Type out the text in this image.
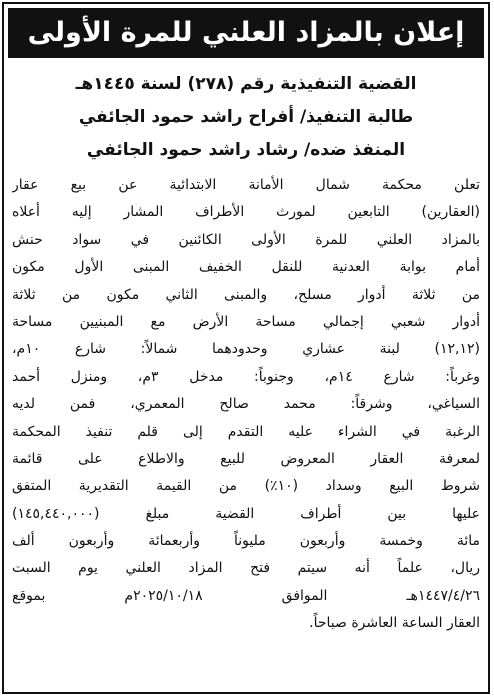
إعلان بالمزاد العلني للمرة الأولى
القضية التنفيذية رقم (٢٧٨) لسنة ١٤٤٥هـ
طالبة التنفيذ/ أفراح راشد حمود الجائفي
المنفذ ضده/ رشاد راشد حمود الجائفي
تعلن محكمة شمال الأمانة الابتدائية عن بيع عقار
(العقارين) التابعين لمورث الأطراف المشار إليه أعلاه
بالمزاد العلني للمرة الأولى الكائنين في سواد حنش
أمام بوابة العدنية للنقل الخفيف المبنى الأول مكون
من ثلاثة أدوار مسلح، والمبنى الثاني مكون من ثلاثة
أدوار شعبي إجمالي مساحة الأرض مع المبنيين مساحة
(١٢,١٢) لبنة عشاري وحدودهما شمالاً: شارع ١٠م،
وغرباً: شارع ١٤م، وجنوباً: مدخل ٣م، ومنزل أحمد
السياغي، وشرقاً: محمد صالح المعمري، فمن لديه
الرغبة في الشراء عليه التقدم إلى قلم تنفيذ المحكمة
لمعرفة العقار المعروض للبيع والاطلاع على قائمة
شروط البيع وسداد (١٠٪) من القيمة التقديرية المتفق
عليها بين أطراف القضية مبلغ (١٤٥,٤٤٠,٠٠٠)
مائة وخمسة وأربعون مليوناً وأربعمائة وأربعون ألف
ريال، علماً أنه سيتم فتح المزاد العلني يوم السبت
١٤٤٧/٤/٢٦هـ الموافق ٢٠٢٥/١٠/١٨م بموقع
العقار الساعة العاشرة صباحاً.
